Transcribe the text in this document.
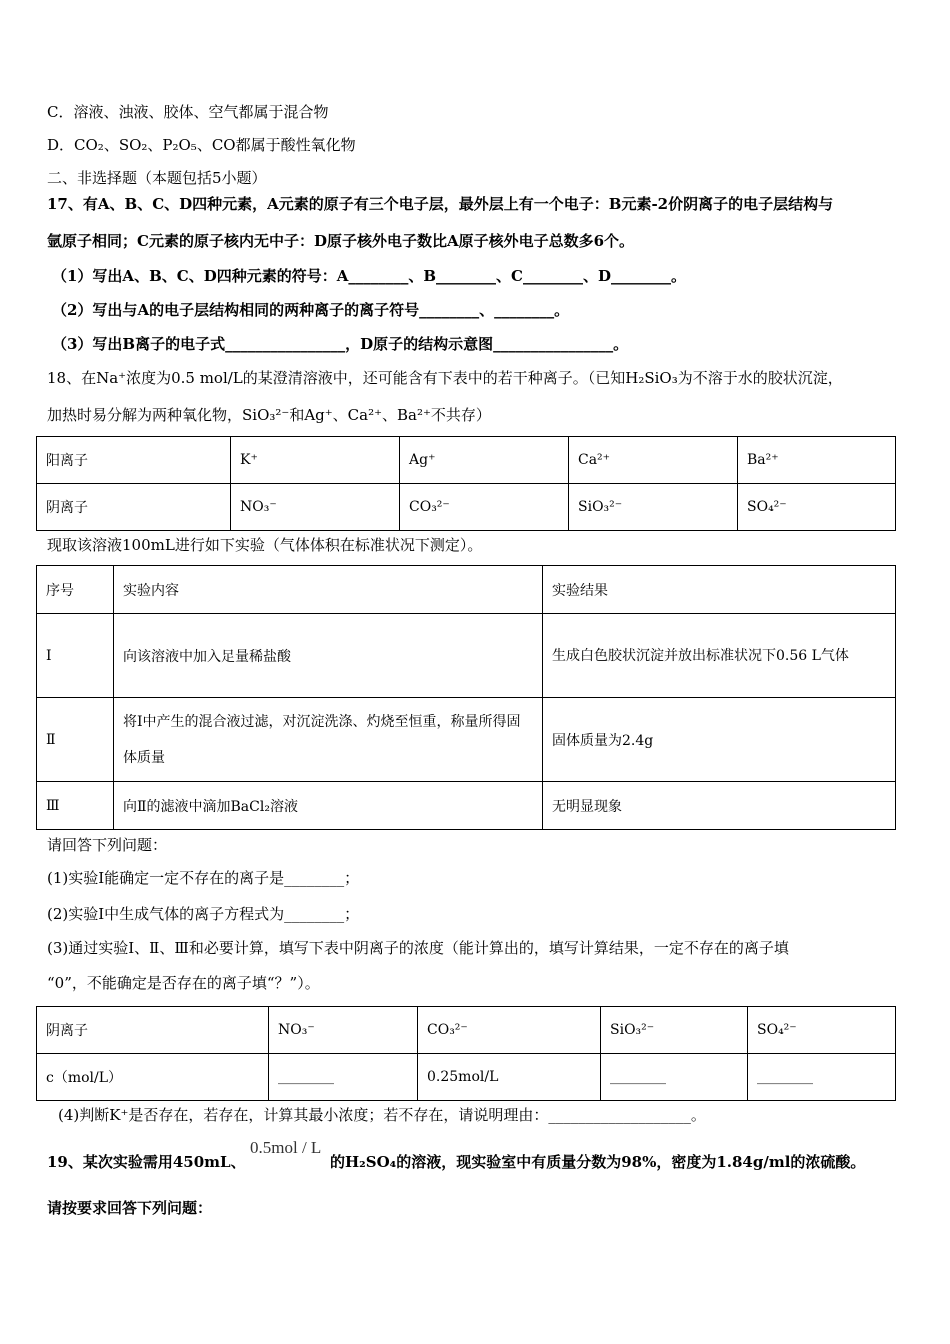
C．溶液、浊液、胶体、空气都属于混合物
D．CO₂、SO₂、P₂O₅、CO都属于酸性氧化物
二、非选择题（本题包括5小题）
17、有A、B、C、D四种元素，A元素的原子有三个电子层，最外层上有一个电子：B元素-2价阴离子的电子层结构与
氩原子相同；C元素的原子核内无中子：D原子核外电子数比A原子核外电子总数多6个。
（1）写出A、B、C、D四种元素的符号：A________、B________、C________、D________。
（2）写出与A的电子层结构相同的两种离子的离子符号________、________。
（3）写出B离子的电子式________________，D原子的结构示意图________________。
18、在Na⁺浓度为0.5 mol/L的某澄清溶液中，还可能含有下表中的若干种离子。（已知H₂SiO₃为不溶于水的胶状沉淀，
加热时易分解为两种氧化物，SiO₃²⁻和Ag⁺、Ca²⁺、Ba²⁺不共存）
阳离子	K⁺	Ag⁺	Ca²⁺	Ba²⁺
阴离子	NO₃⁻	CO₃²⁻	SiO₃²⁻	SO₄²⁻
现取该溶液100mL进行如下实验（气体体积在标准状况下测定）。
序号	实验内容	实验结果
Ⅰ	向该溶液中加入足量稀盐酸	生成白色胶状沉淀并放出标准状况下0.56 L气体
Ⅱ	将Ⅰ中产生的混合液过滤，对沉淀洗涤、灼烧至恒重，称量所得固体质量	固体质量为2.4g
Ⅲ	向Ⅱ的滤液中滴加BaCl₂溶液	无明显现象
请回答下列问题：
(1)实验Ⅰ能确定一定不存在的离子是________；
(2)实验Ⅰ中生成气体的离子方程式为________；
(3)通过实验Ⅰ、Ⅱ、Ⅲ和必要计算，填写下表中阴离子的浓度（能计算出的，填写计算结果，一定不存在的离子填
“0”，不能确定是否存在的离子填“？”）。
阴离子	NO₃⁻	CO₃²⁻	SiO₃²⁻	SO₄²⁻
c（mol/L）	________	0.25mol/L	________	________
(4)判断K⁺是否存在，若存在，计算其最小浓度；若不存在，请说明理由：___________________。
19、某次实验需用450mL、
0.5mol / L
的H₂SO₄的溶液，现实验室中有质量分数为98%，密度为1.84g/ml的浓硫酸。
请按要求回答下列问题：
